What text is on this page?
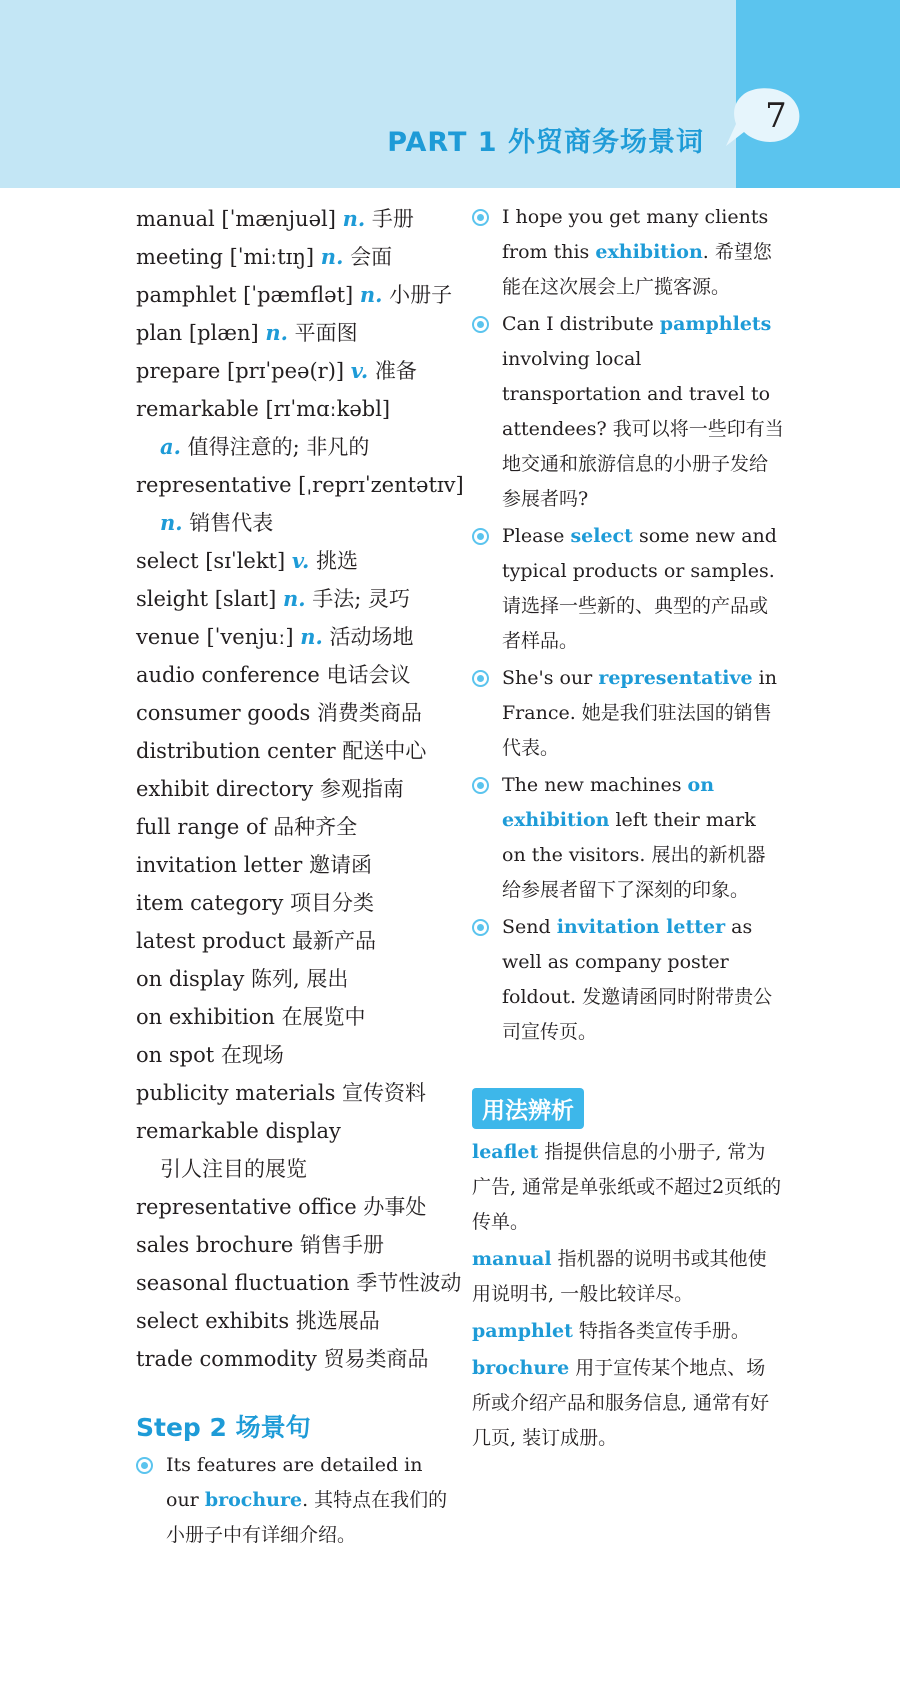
PART 1 外贸商务场景词
7
manual [ˈmænjuəl] n. 手册
meeting [ˈmiːtɪŋ] n. 会面
pamphlet [ˈpæmflət] n. 小册子
plan [plæn] n. 平面图
prepare [prɪˈpeə(r)] v. 准备
remarkable [rɪˈmɑːkəbl]
a. 值得注意的; 非凡的
representative [ˌreprɪˈzentətɪv]
n. 销售代表
select [sɪˈlekt] v. 挑选
sleight [slaɪt] n. 手法; 灵巧
venue [ˈvenjuː] n. 活动场地
audio conference 电话会议
consumer goods 消费类商品
distribution center 配送中心
exhibit directory 参观指南
full range of 品种齐全
invitation letter 邀请函
item category 项目分类
latest product 最新产品
on display 陈列, 展出
on exhibition 在展览中
on spot 在现场
publicity materials 宣传资料
remarkable display
引人注目的展览
representative office 办事处
sales brochure 销售手册
seasonal fluctuation 季节性波动
select exhibits 挑选展品
trade commodity 贸易类商品
Step 2 场景句
Its features are detailed in our brochure. 其特点在我们的小册子中有详细介绍。
I hope you get many clients from this exhibition. 希望您能在这次展会上广揽客源。
Can I distribute pamphlets involving local transportation and travel to attendees? 我可以将一些印有当地交通和旅游信息的小册子发给参展者吗?
Please select some new and typical products or samples. 请选择一些新的、典型的产品或者样品。
She's our representative in France. 她是我们驻法国的销售代表。
The new machines on exhibition left their mark on the visitors. 展出的新机器给参展者留下了深刻的印象。
Send invitation letter as well as company poster foldout. 发邀请函同时附带贵公司宣传页。
用法辨析

leaflet 指提供信息的小册子, 常为广告, 通常是单张纸或不超过2页纸的传单。

manual 指机器的说明书或其他使用说明书, 一般比较详尽。

pamphlet 特指各类宣传手册。

brochure 用于宣传某个地点、场所或介绍产品和服务信息, 通常有好几页, 装订成册。
